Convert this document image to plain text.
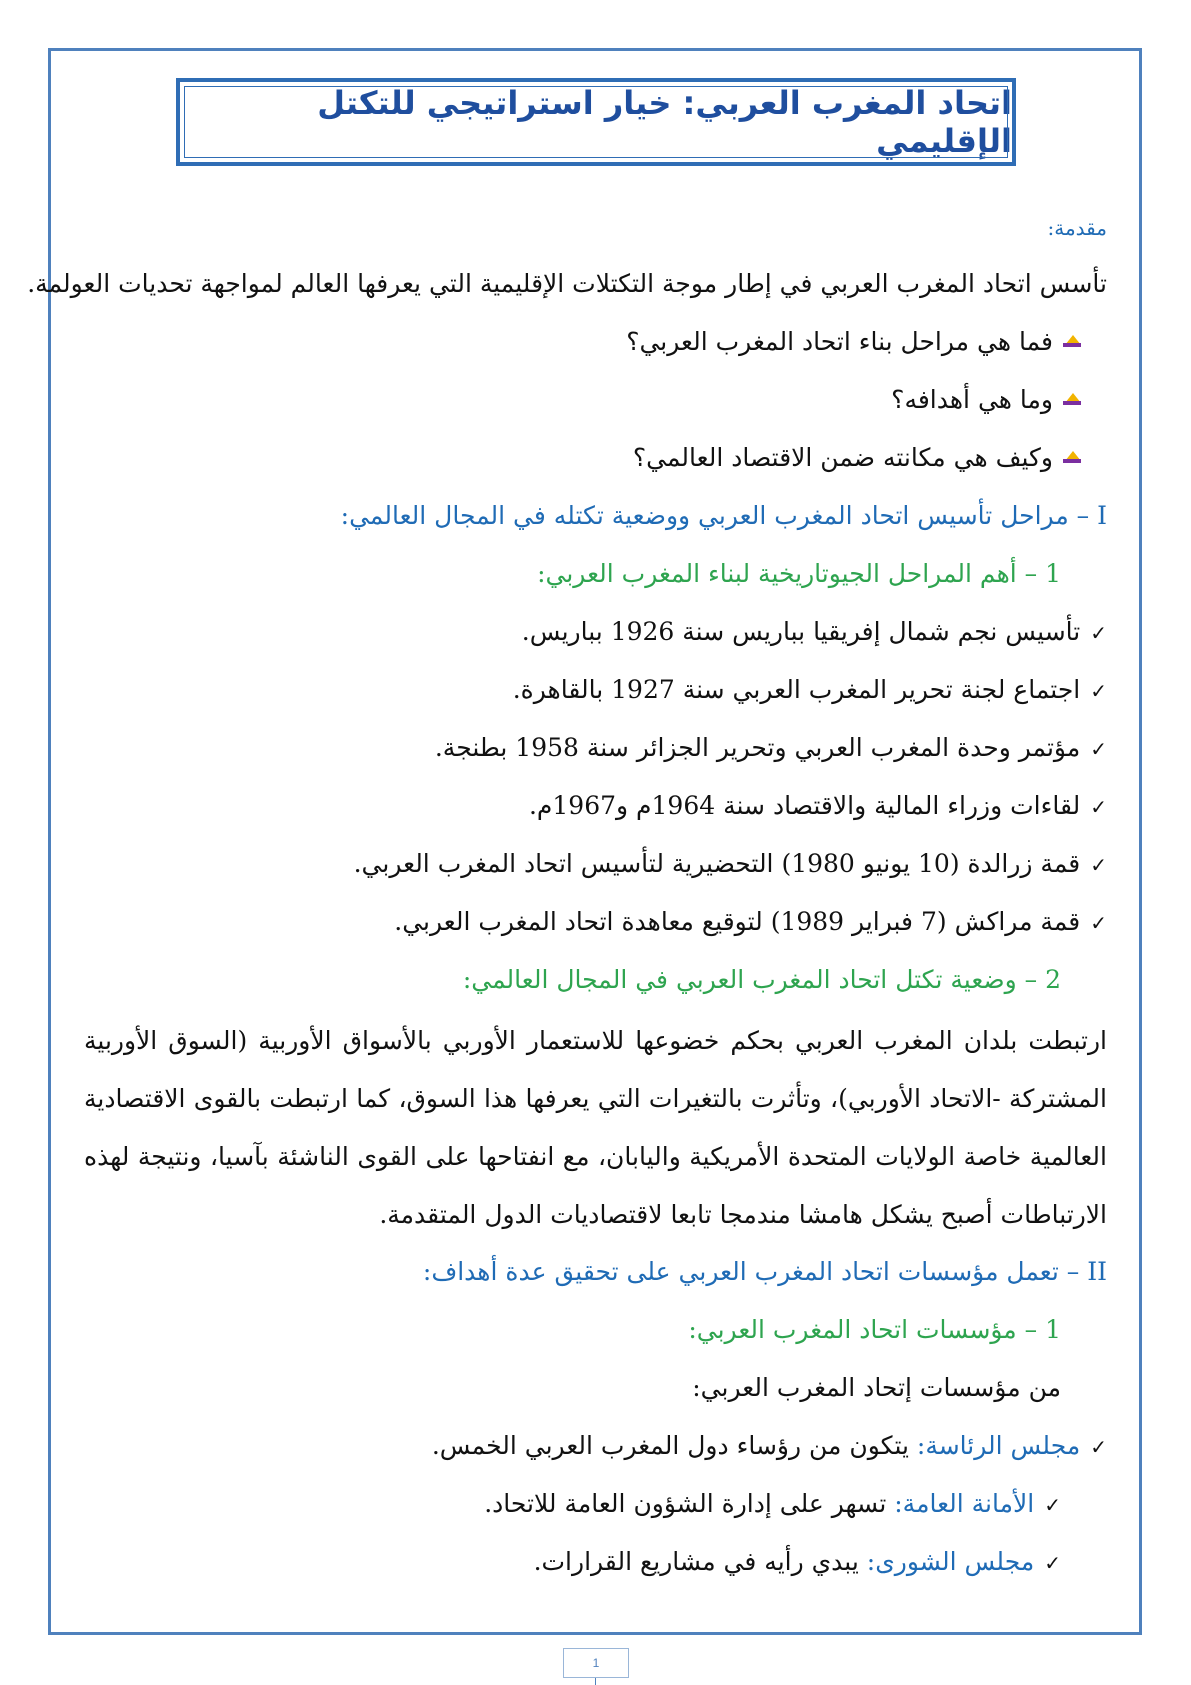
اتحاد المغرب العربي: خيار استراتيجي للتكتل الإقليمي
مقدمة:
تأسس اتحاد المغرب العربي في إطار موجة التكتلات الإقليمية التي يعرفها العالم لمواجهة تحديات العولمة.
فما هي مراحل بناء اتحاد المغرب العربي؟
وما هي أهدافه؟
وكيف هي مكانته ضمن الاقتصاد العالمي؟
I – مراحل تأسيس اتحاد المغرب العربي ووضعية تكتله في المجال العالمي:
1 – أهم المراحل الجيوتاريخية لبناء المغرب العربي:
✓تأسيس نجم شمال إفريقيا بباريس سنة 1926 بباريس.
✓اجتماع لجنة تحرير المغرب العربي سنة 1927 بالقاهرة.
✓مؤتمر وحدة المغرب العربي وتحرير الجزائر سنة 1958 بطنجة.
✓لقاءات وزراء المالية والاقتصاد سنة 1964م و1967م.
✓قمة زرالدة (10 يونيو 1980) التحضيرية لتأسيس اتحاد المغرب العربي.
✓قمة مراكش (7 فبراير 1989) لتوقيع معاهدة اتحاد المغرب العربي.
2 – وضعية تكتل اتحاد المغرب العربي في المجال العالمي:
ارتبطت بلدان المغرب العربي بحكم خضوعها للاستعمار الأوربي بالأسواق الأوربية (السوق الأوربية المشتركة -الاتحاد الأوربي)، وتأثرت بالتغيرات التي يعرفها هذا السوق، كما ارتبطت بالقوى الاقتصادية العالمية خاصة الولايات المتحدة الأمريكية واليابان، مع انفتاحها على القوى الناشئة بآسيا، ونتيجة لهذه الارتباطات أصبح يشكل هامشا مندمجا تابعا لاقتصاديات الدول المتقدمة.
II – تعمل مؤسسات اتحاد المغرب العربي على تحقيق عدة أهداف:
1 – مؤسسات اتحاد المغرب العربي:
من مؤسسات إتحاد المغرب العربي:
✓مجلس الرئاسة: يتكون من رؤساء دول المغرب العربي الخمس.
✓الأمانة العامة: تسهر على إدارة الشؤون العامة للاتحاد.
✓مجلس الشورى: يبدي رأيه في مشاريع القرارات.
1
